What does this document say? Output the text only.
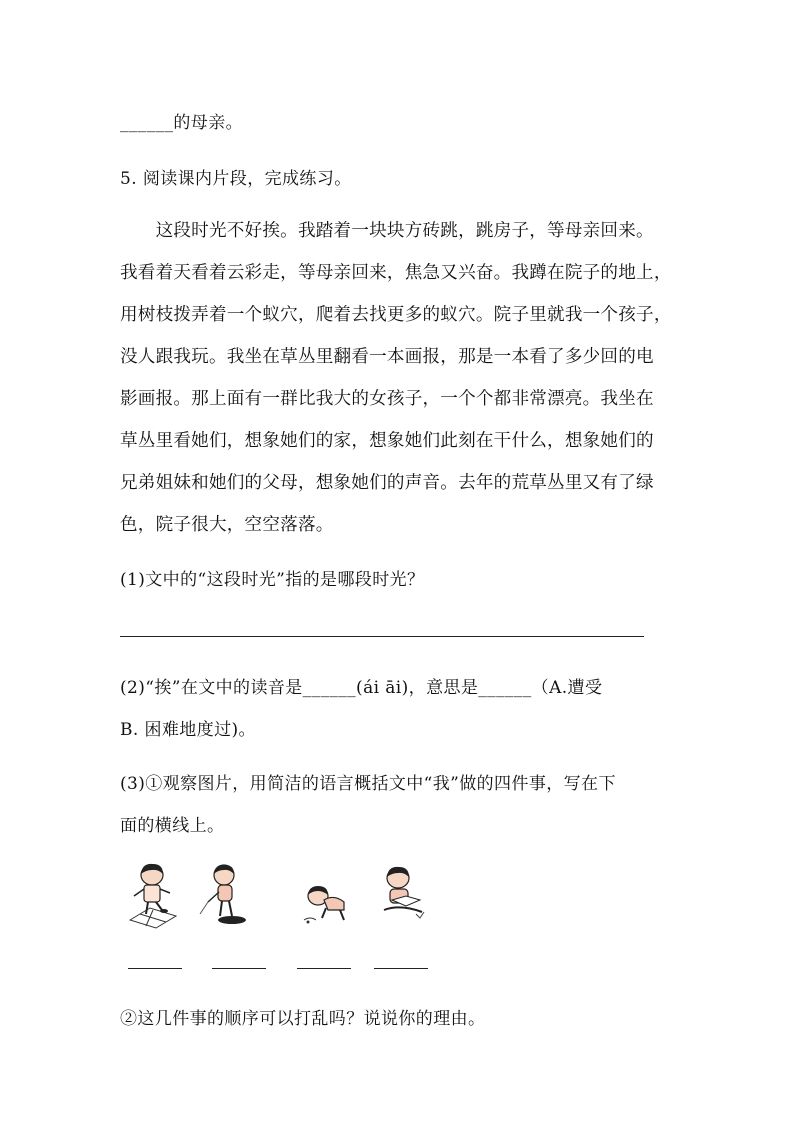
______的母亲。
5. 阅读课内片段，完成练习。
　　这段时光不好挨。我踏着一块块方砖跳，跳房子，等母亲回来。
我看着天看着云彩走，等母亲回来，焦急又兴奋。我蹲在院子的地上，
用树枝拨弄着一个蚁穴，爬着去找更多的蚁穴。院子里就我一个孩子，
没人跟我玩。我坐在草丛里翻看一本画报，那是一本看了多少回的电
影画报。那上面有一群比我大的女孩子，一个个都非常漂亮。我坐在
草丛里看她们，想象她们的家，想象她们此刻在干什么，想象她们的
兄弟姐妹和她们的父母，想象她们的声音。去年的荒草丛里又有了绿
色，院子很大，空空落落。
(1)文中的“这段时光”指的是哪段时光？
(2)“挨”在文中的读音是______(ái āi)，意思是______（A.遭受
B. 困难地度过)。
(3)①观察图片，用简洁的语言概括文中“我”做的四件事，写在下
面的横线上。
②这几件事的顺序可以打乱吗？说说你的理由。
